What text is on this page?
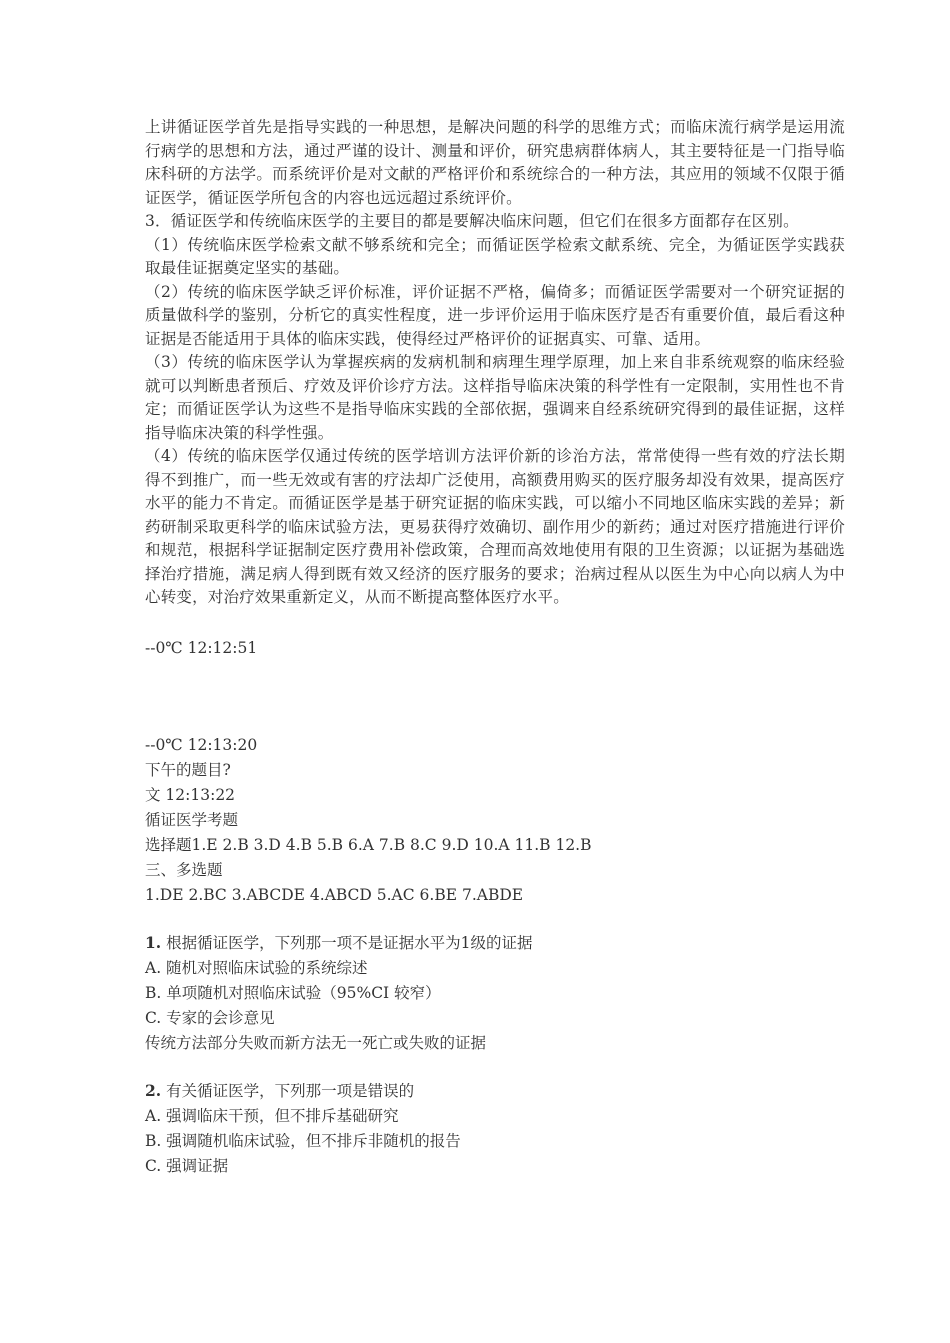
上讲循证医学首先是指导实践的一种思想，是解决问题的科学的思维方式；而临床流行病学是运用流行病学的思想和方法，通过严谨的设计、测量和评价，研究患病群体病人，其主要特征是一门指导临床科研的方法学。而系统评价是对文献的严格评价和系统综合的一种方法，其应用的领域不仅限于循证医学，循证医学所包含的内容也远远超过系统评价。

3．循证医学和传统临床医学的主要目的都是要解决临床问题，但它们在很多方面都存在区别。

（1）传统临床医学检索文献不够系统和完全；而循证医学检索文献系统、完全，为循证医学实践获取最佳证据奠定坚实的基础。

（2）传统的临床医学缺乏评价标准，评价证据不严格，偏倚多；而循证医学需要对一个研究证据的质量做科学的鉴别，分析它的真实性程度，进一步评价运用于临床医疗是否有重要价值，最后看这种证据是否能适用于具体的临床实践，使得经过严格评价的证据真实、可靠、适用。

（3）传统的临床医学认为掌握疾病的发病机制和病理生理学原理，加上来自非系统观察的临床经验就可以判断患者预后、疗效及评价诊疗方法。这样指导临床决策的科学性有一定限制，实用性也不肯定；而循证医学认为这些不是指导临床实践的全部依据，强调来自经系统研究得到的最佳证据，这样指导临床决策的科学性强。

（4）传统的临床医学仅通过传统的医学培训方法评价新的诊治方法，常常使得一些有效的疗法长期得不到推广，而一些无效或有害的疗法却广泛使用，高额费用购买的医疗服务却没有效果，提高医疗水平的能力不肯定。而循证医学是基于研究证据的临床实践，可以缩小不同地区临床实践的差异；新药研制采取更科学的临床试验方法，更易获得疗效确切、副作用少的新药；通过对医疗措施进行评价和规范，根据科学证据制定医疗费用补偿政策，合理而高效地使用有限的卫生资源；以证据为基础选择治疗措施，满足病人得到既有效又经济的医疗服务的要求；治病过程从以医生为中心向以病人为中心转变，对治疗效果重新定义，从而不断提高整体医疗水平。

--0℃ 12:12:51

--0℃ 12:13:20

下午的题目?

文 12:13:22

循证医学考题

选择题1.E 2.B 3.D 4.B 5.B 6.A 7.B 8.C 9.D 10.A 11.B 12.B

三、多选题

1.DE 2.BC 3.ABCDE 4.ABCD 5.AC 6.BE 7.ABDE

1. 根据循证医学，下列那一项不是证据水平为1级的证据

A. 随机对照临床试验的系统综述

B. 单项随机对照临床试验（95%CI 较窄）

C. 专家的会诊意见

传统方法部分失败而新方法无一死亡或失败的证据

2. 有关循证医学，下列那一项是错误的

A. 强调临床干预，但不排斥基础研究

B. 强调随机临床试验，但不排斥非随机的报告

C. 强调证据
